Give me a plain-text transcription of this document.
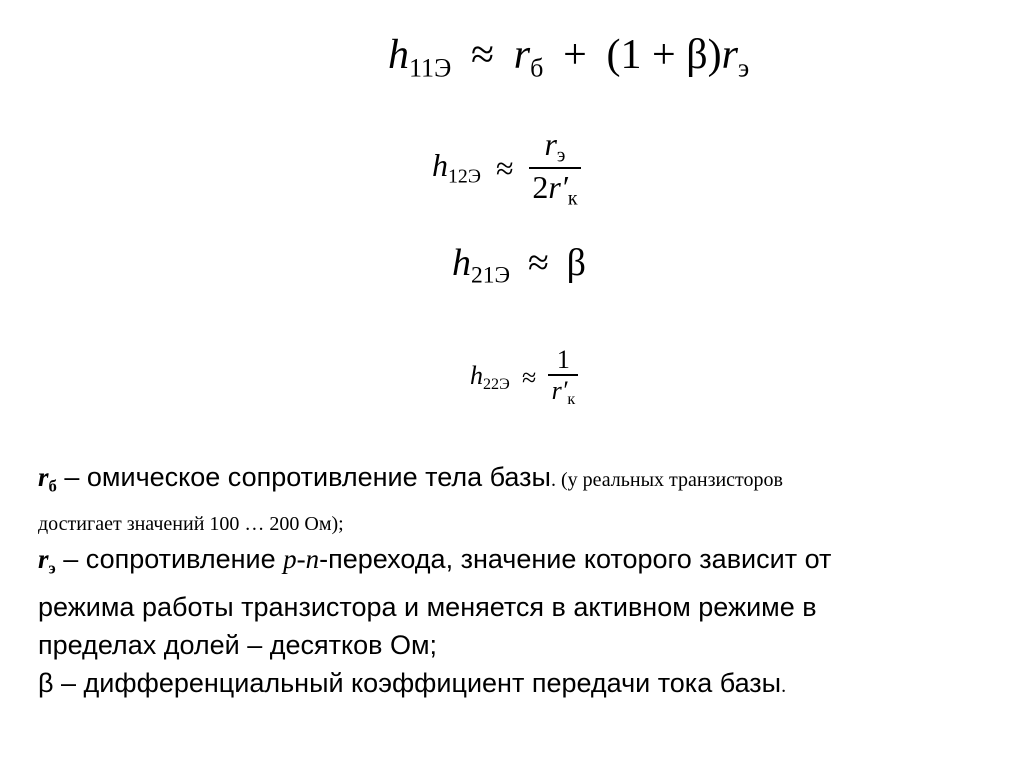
$h_{11Э} \approx r_б + (1 + \beta)r_э$
$h_{12Э} \approx \frac{r_э}{2r'_к}$
$h_{21Э} \approx \beta$
$h_{22Э} \approx \frac{1}{r'_к}$

$r_б$ – омическое сопротивление тела базы. (у реальных транзисторов

достигает значений 100 … 200 Ом);

$r_э$ – сопротивление р-п-перехода, значение которого зависит от

режима работы транзистора и меняется в активном режиме в

пределах долей – десятков Ом;

β – дифференциальный коэффициент передачи тока базы.
